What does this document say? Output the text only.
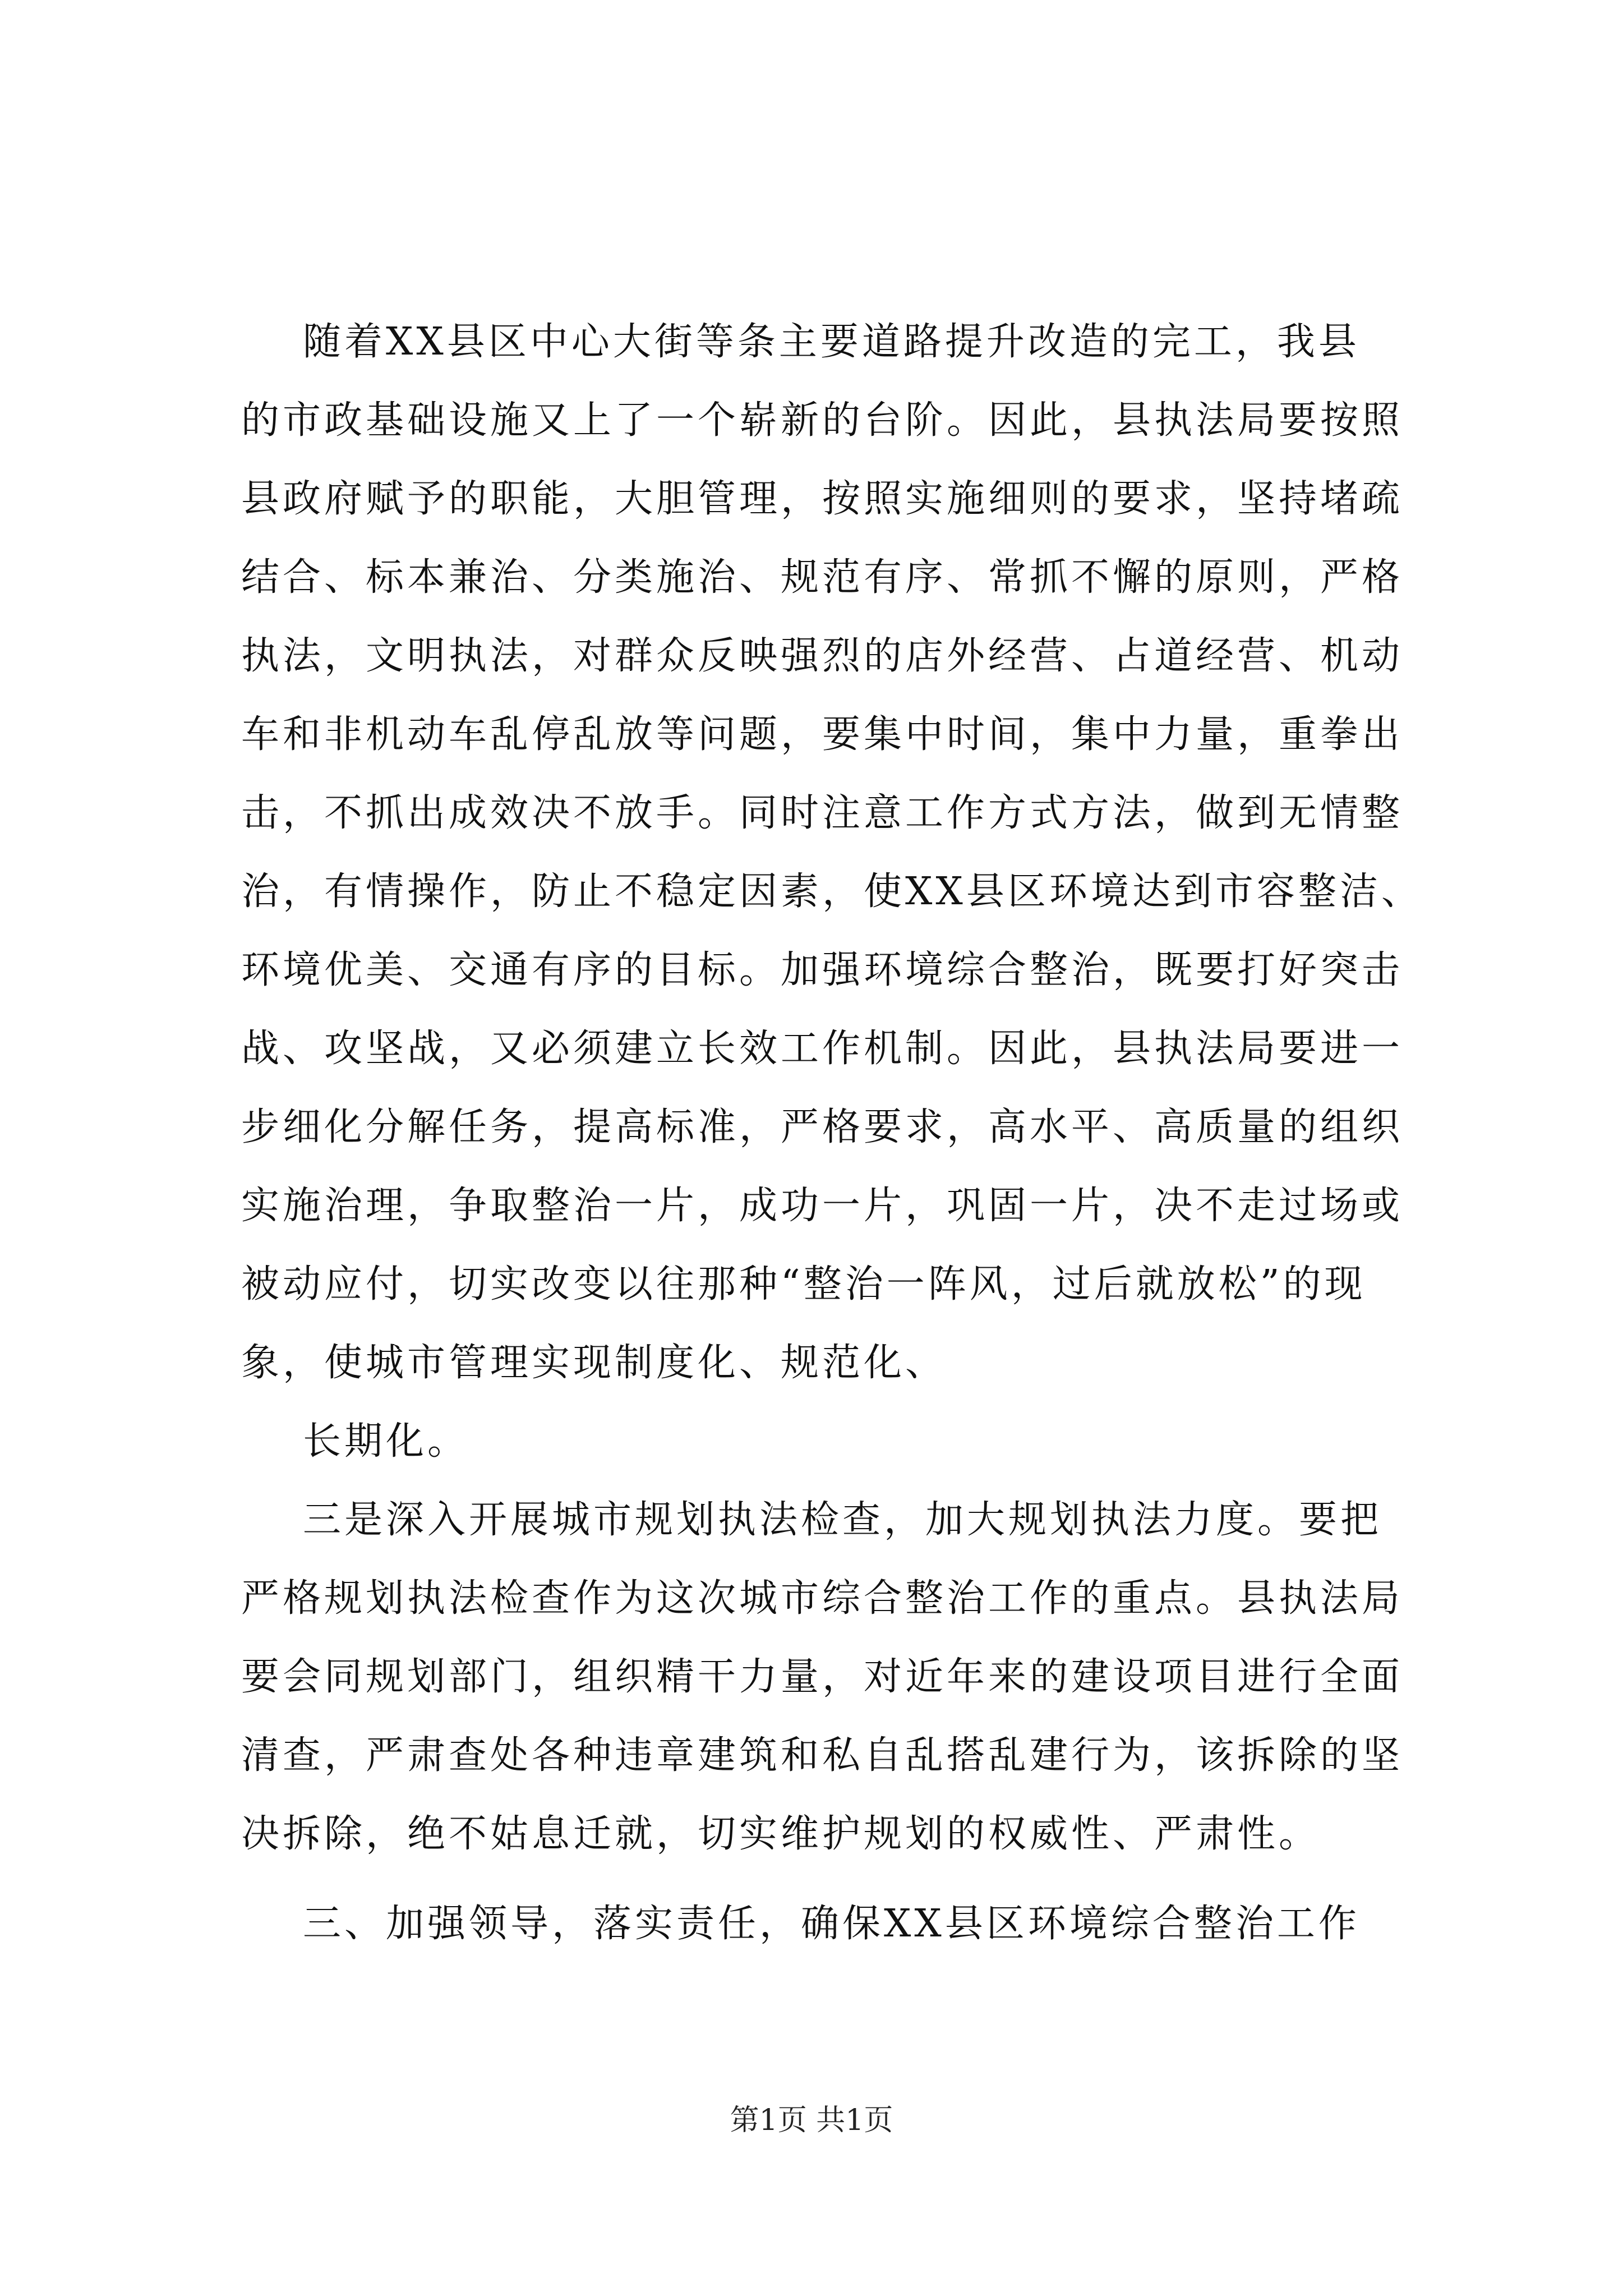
随着XX县区中心大街等条主要道路提升改造的完工，我县

的市政基础设施又上了一个崭新的台阶。因此，县执法局要按照

县政府赋予的职能，大胆管理，按照实施细则的要求，坚持堵疏

结合、标本兼治、分类施治、规范有序、常抓不懈的原则，严格

执法，文明执法，对群众反映强烈的店外经营、占道经营、机动

车和非机动车乱停乱放等问题，要集中时间，集中力量，重拳出

击，不抓出成效决不放手。同时注意工作方式方法，做到无情整

治，有情操作，防止不稳定因素，使XX县区环境达到市容整洁、

环境优美、交通有序的目标。加强环境综合整治，既要打好突击

战、攻坚战，又必须建立长效工作机制。因此，县执法局要进一

步细化分解任务，提高标准，严格要求，高水平、高质量的组织

实施治理，争取整治一片，成功一片，巩固一片，决不走过场或

被动应付，切实改变以往那种“整治一阵风，过后就放松”的现

象，使城市管理实现制度化、规范化、

长期化。

三是深入开展城市规划执法检查，加大规划执法力度。要把

严格规划执法检查作为这次城市综合整治工作的重点。县执法局

要会同规划部门，组织精干力量，对近年来的建设项目进行全面

清查，严肃查处各种违章建筑和私自乱搭乱建行为，该拆除的坚

决拆除，绝不姑息迁就，切实维护规划的权威性、严肃性。

三、加强领导，落实责任，确保XX县区环境综合整治工作

第1页 共1页
